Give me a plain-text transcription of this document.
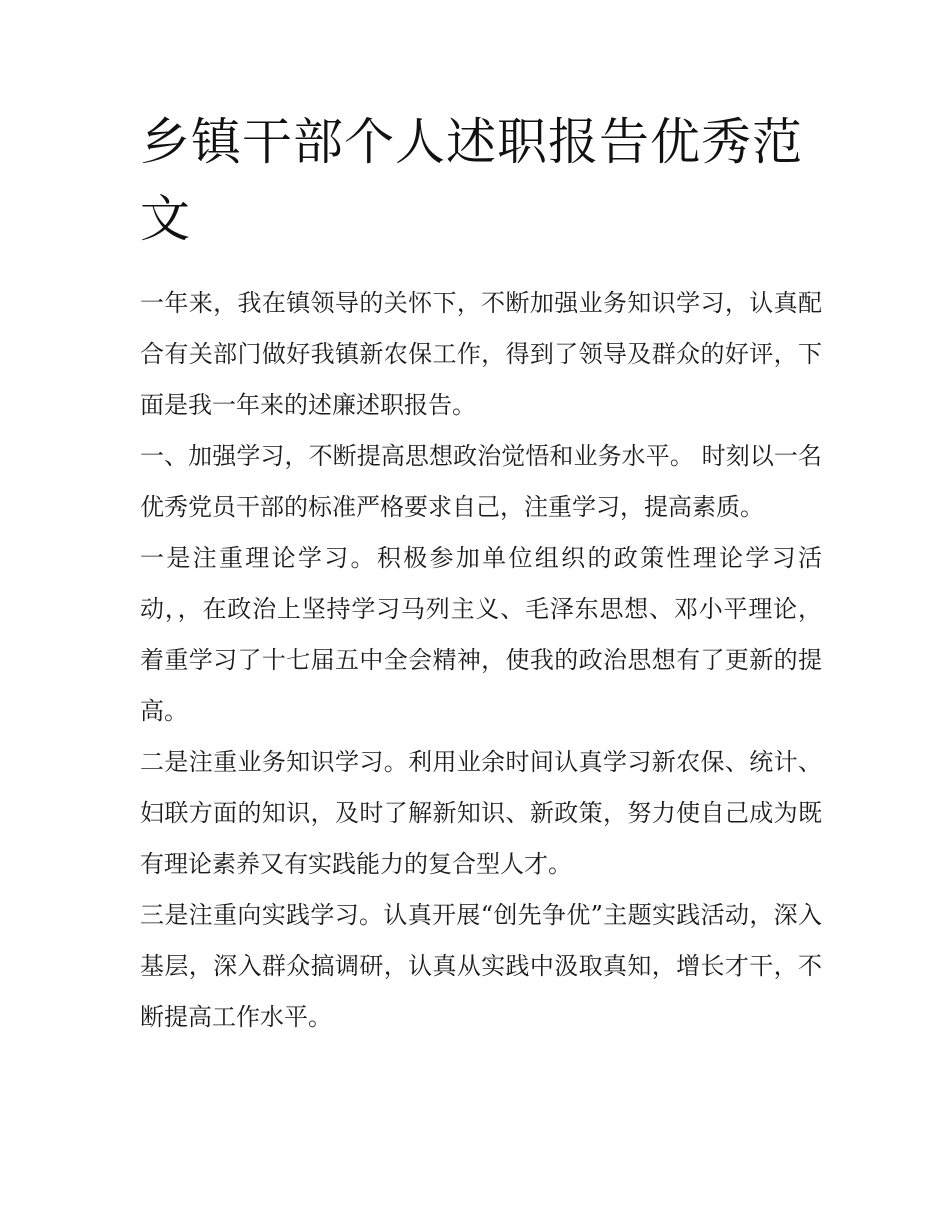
乡镇干部个人述职报告优秀范文

一年来，我在镇领导的关怀下，不断加强业务知识学习，认真配合有关部门做好我镇新农保工作，得到了领导及群众的好评，下面是我一年来的述廉述职报告。

一、加强学习，不断提高思想政治觉悟和业务水平。 时刻以一名优秀党员干部的标准严格要求自己，注重学习，提高素质。

一是注重理论学习。积极参加单位组织的政策性理论学习活动，，在政治上坚持学习马列主义、毛泽东思想、邓小平理论，着重学习了十七届五中全会精神，使我的政治思想有了更新的提高。

二是注重业务知识学习。利用业余时间认真学习新农保、统计、妇联方面的知识，及时了解新知识、新政策，努力使自己成为既有理论素养又有实践能力的复合型人才。

三是注重向实践学习。认真开展“创先争优”主题实践活动，深入基层，深入群众搞调研，认真从实践中汲取真知，增长才干，不断提高工作水平。
